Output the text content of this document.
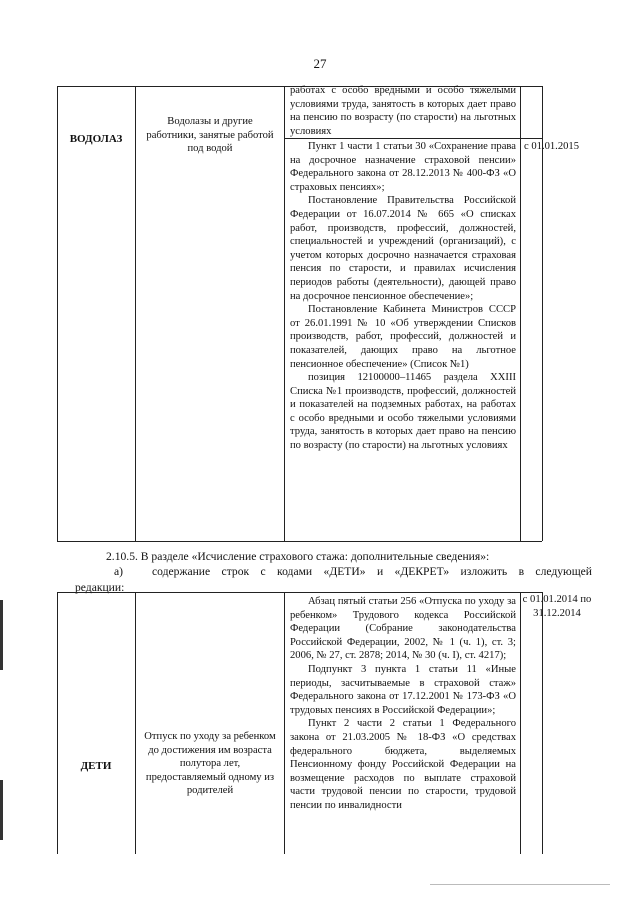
27
ВОДОЛАЗ
Водолазы и другие работники, занятые работой под водой

работах с особо вредными и особо тяжелыми условиями труда, занятость в которых дает право на пенсию по возрасту (по старости) на льготных условиях

с 01.01.2015

Пункт 1 части 1 статьи 30 «Сохранение права на досрочное назначение страховой пенсии» Федерального закона от 28.12.2013 № 400-ФЗ «О страховых пенсиях»;

Постановление Правительства Российской Федерации от 16.07.2014 № 665 «О списках работ, производств, профессий, должностей, специальностей и учреждений (организаций), с учетом которых досрочно назначается страховая пенсия по старости, и правилах исчисления периодов работы (деятельности), дающей право на досрочное пенсионное обеспечение»;

Постановление Кабинета Министров СССР от 26.01.1991 № 10 «Об утверждении Списков производств, работ, профессий, должностей и показателей, дающих право на льготное пенсионное обеспечение» (Список №1)

позиция 12100000–11465 раздела XXIII Списка №1 производств, профессий, должностей и показателей на подземных работах, на работах с особо вредными и особо тяжелыми условиями труда, занятость в которых дает право на пенсию по возрасту (по старости) на льготных условиях

2.10.5. В разделе «Исчисление страхового стажа: дополнительные сведения»:
а) содержание строк с кодами «ДЕТИ» и «ДЕКРЕТ» изложить в следующей
редакции:
ДЕТИ
Отпуск по уходу за ребенком до достижения им возраста полутора лет, предоставляемый одному из родителей
с 01.01.2014 по 31.12.2014

Абзац пятый статьи 256 «Отпуска по уходу за ребенком» Трудового кодекса Российской Федерации (Собрание законодательства Российской Федерации, 2002, № 1 (ч. 1), ст. 3; 2006, № 27, ст. 2878; 2014, № 30 (ч. I), ст. 4217);

Подпункт 3 пункта 1 статьи 11 «Иные периоды, засчитываемые в страховой стаж» Федерального закона от 17.12.2001 № 173-ФЗ «О трудовых пенсиях в Российской Федерации»;

Пункт 2 части 2 статьи 1 Федерального закона от 21.03.2005 № 18-ФЗ «О средствах федерального бюджета, выделяемых Пенсионному фонду Российской Федерации на возмещение расходов по выплате страховой части трудовой пенсии по старости, трудовой пенсии по инвалидности
